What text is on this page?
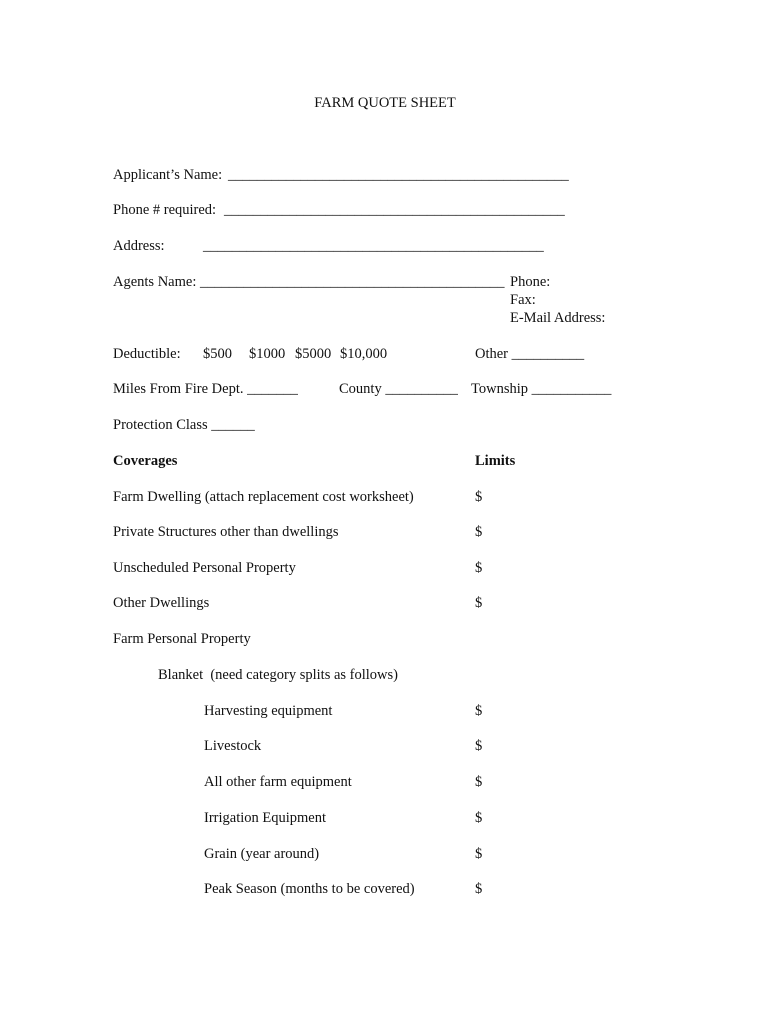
FARM QUOTE SHEET
Applicant’s Name: _______________________________________________
Phone # required: _______________________________________________
Address:	_______________________________________________
Agents Name: __________________________________________ Phone:
Fax:
E-Mail Address:
Deductible: $500 $1000 $5000 $10,000	Other __________
Miles From Fire Dept. _______	County __________ Township ___________
Protection Class ______
Coverages	Limits
Farm Dwelling (attach replacement cost worksheet)	$
Private Structures other than dwellings	$
Unscheduled Personal Property	$
Other Dwellings	$
Farm Personal Property
Blanket  (need category splits as follows)
Harvesting equipment	$
Livestock	$
All other farm equipment	$
Irrigation Equipment	$
Grain (year around)	$
Peak Season (months to be covered)	$
